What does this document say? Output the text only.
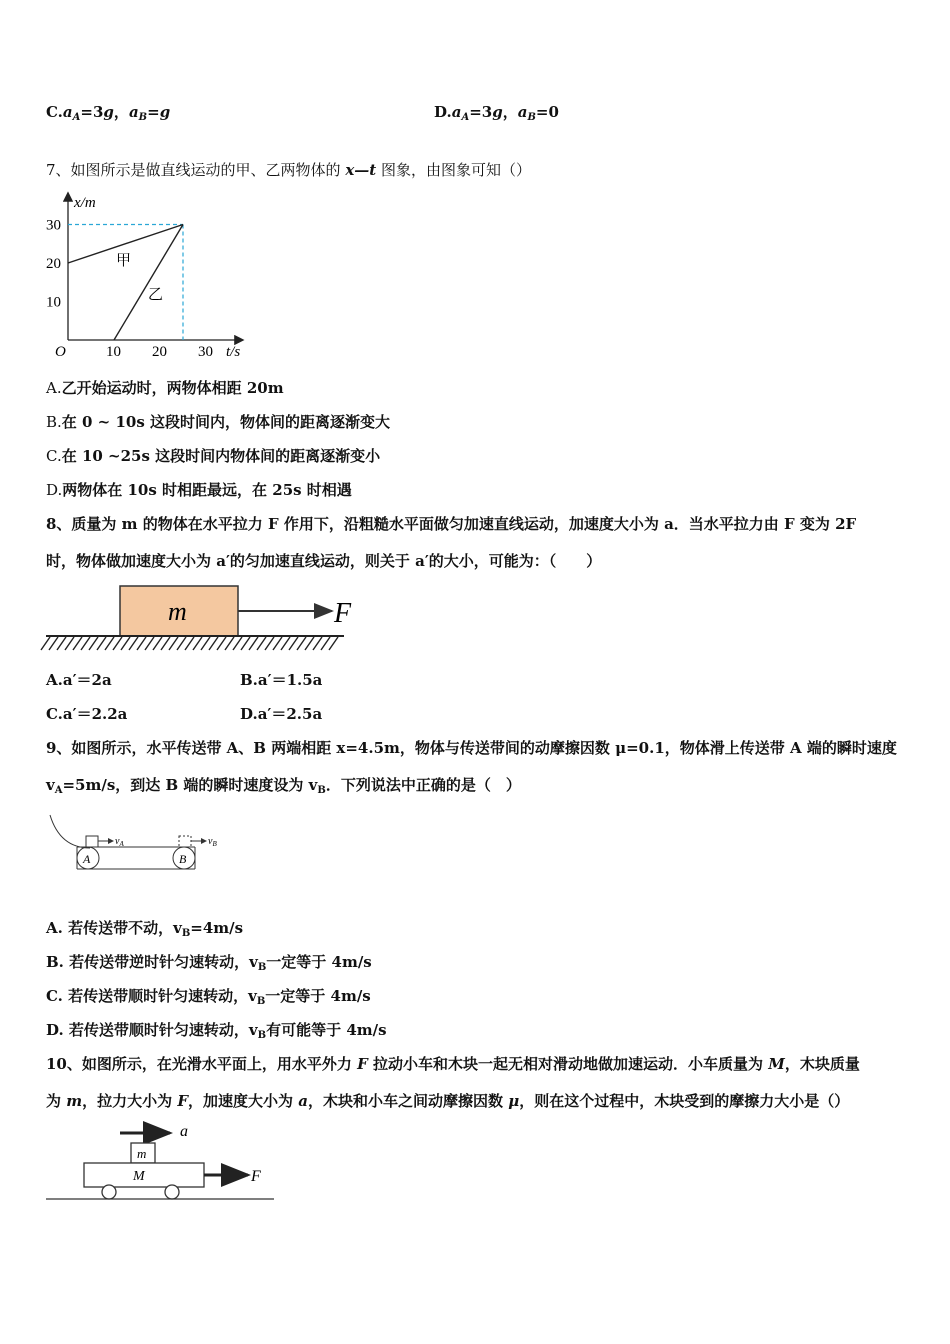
$C.a_A=3g$，$a_B=g$	$D.a_A=3g$，$a_B=0$
7、如图所示是做直线运动的甲、乙两物体的 x—t 图象，由图象可知（）
x/m
t/s
O
30
20
10
10 20 30
甲
乙
A.乙开始运动时，两物体相距 20m
B.在 0 ~ 10s 这段时间内，物体间的距离逐渐变大
C.在 10 ~25s 这段时间内物体间的距离逐渐变小
D.两物体在 10s 时相距最远，在 25s 时相遇
8、质量为 m 的物体在水平拉力 F 作用下，沿粗糙水平面做匀加速直线运动，加速度大小为 a．当水平拉力由 F 变为 2F
时，物体做加速度大小为 a′的匀加速直线运动，则关于 a′的大小，可能为：（　　）
m	F
A.a′＝2a	B.a′＝1.5a
C.a′＝2.2a	D.a′＝2.5a
9、如图所示，水平传送带 A、B 两端相距 x=4.5m，物体与传送带间的动摩擦因数 μ=0.1，物体滑上传送带 A 端的瞬时速度
$v_A=5m/s$，到达 B 端的瞬时速度设为 $v_B$．下列说法中正确的是（　）
A	B
$v_A$	$v_B$
A. 若传送带不动，$v_B=4m/s$
B. 若传送带逆时针匀速转动，$v_B$一定等于 4m/s
C. 若传送带顺时针匀速转动，$v_B$一定等于 4m/s
D. 若传送带顺时针匀速转动，$v_B$有可能等于 4m/s
10、如图所示，在光滑水平面上，用水平外力 F 拉动小车和木块一起无相对滑动地做加速运动．小车质量为 M，木块质量
为 m，拉力大小为 F，加速度大小为 a，木块和小车之间动摩擦因数 μ，则在这个过程中，木块受到的摩擦力大小是（）
a
m
M	F
